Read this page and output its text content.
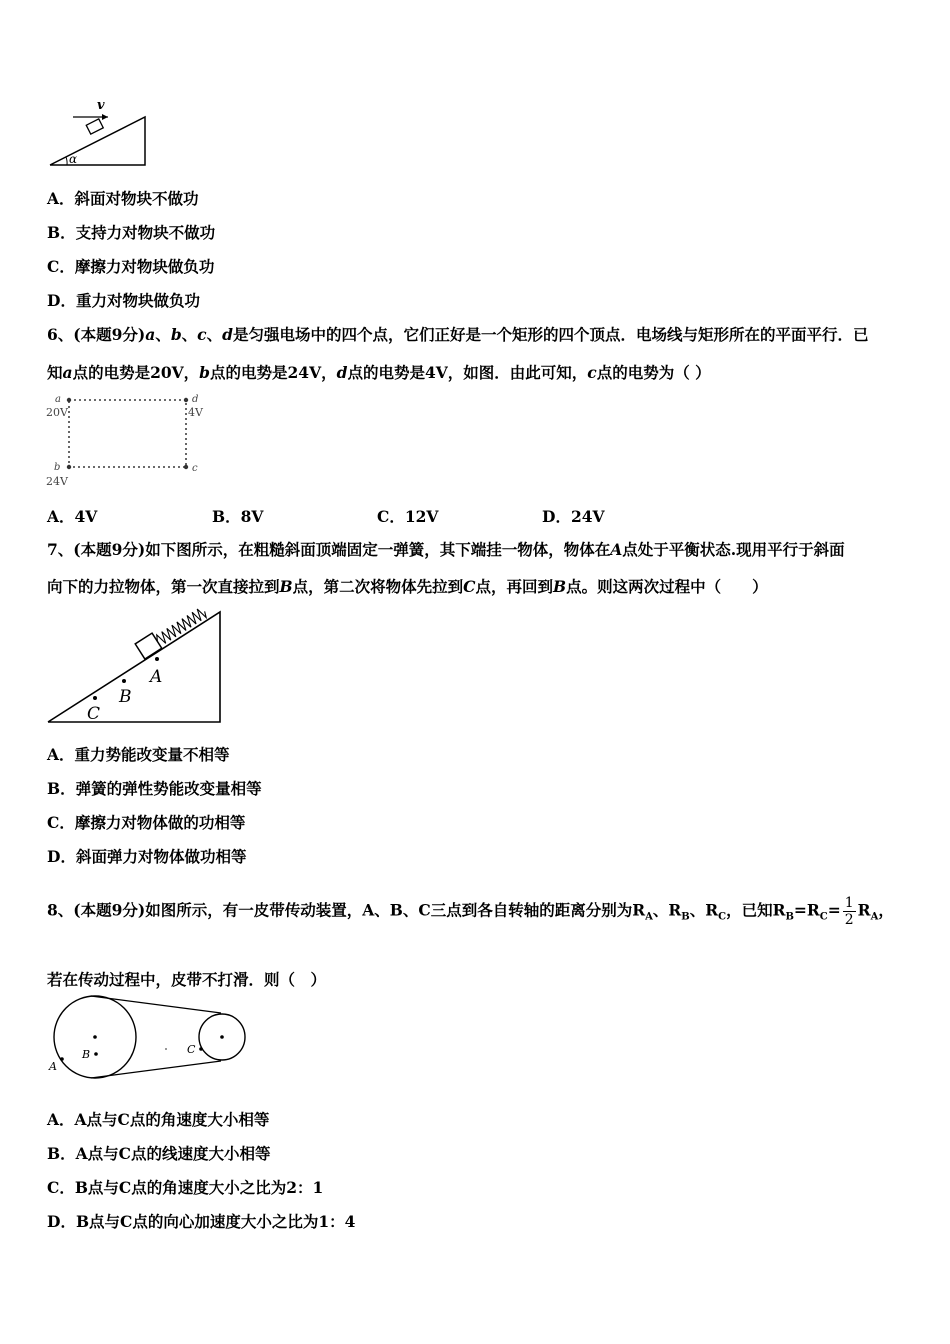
v
α
A．斜面对物块不做功
B．支持力对物块不做功
C．摩擦力对物块做负功
D．重力对物块做负功
6、(本题9分)a、b、c、d是匀强电场中的四个点，它们正好是一个矩形的四个顶点．电场线与矩形所在的平面平行．已
知a点的电势是20V，b点的电势是24V，d点的电势是4V，如图．由此可知，c点的电势为（ ）
a
20V
d
4V
b
24V
c
A．4V	B．8V	C．12V	D．24V
7、(本题9分)如下图所示，在粗糙斜面顶端固定一弹簧，其下端挂一物体，物体在A点处于平衡状态.现用平行于斜面
向下的力拉物体，第一次直接拉到B点，第二次将物体先拉到C点，再回到B点。则这两次过程中（　　）
A
B
C
A．重力势能改变量不相等
B．弹簧的弹性势能改变量相等
C．摩擦力对物体做的功相等
D．斜面弹力对物体做功相等
8、(本题9分)如图所示，有一皮带传动装置，A、B、C三点到各自转轴的距离分别为$R_A$、$R_B$、$R_C$，已知$R_B=R_C= \frac{1}{2} R_A$，
若在传动过程中，皮带不打滑．则（　）
A
B	C
A．A点与C点的角速度大小相等
B．A点与C点的线速度大小相等
C．B点与C点的角速度大小之比为2：1
D．B点与C点的向心加速度大小之比为1：4
